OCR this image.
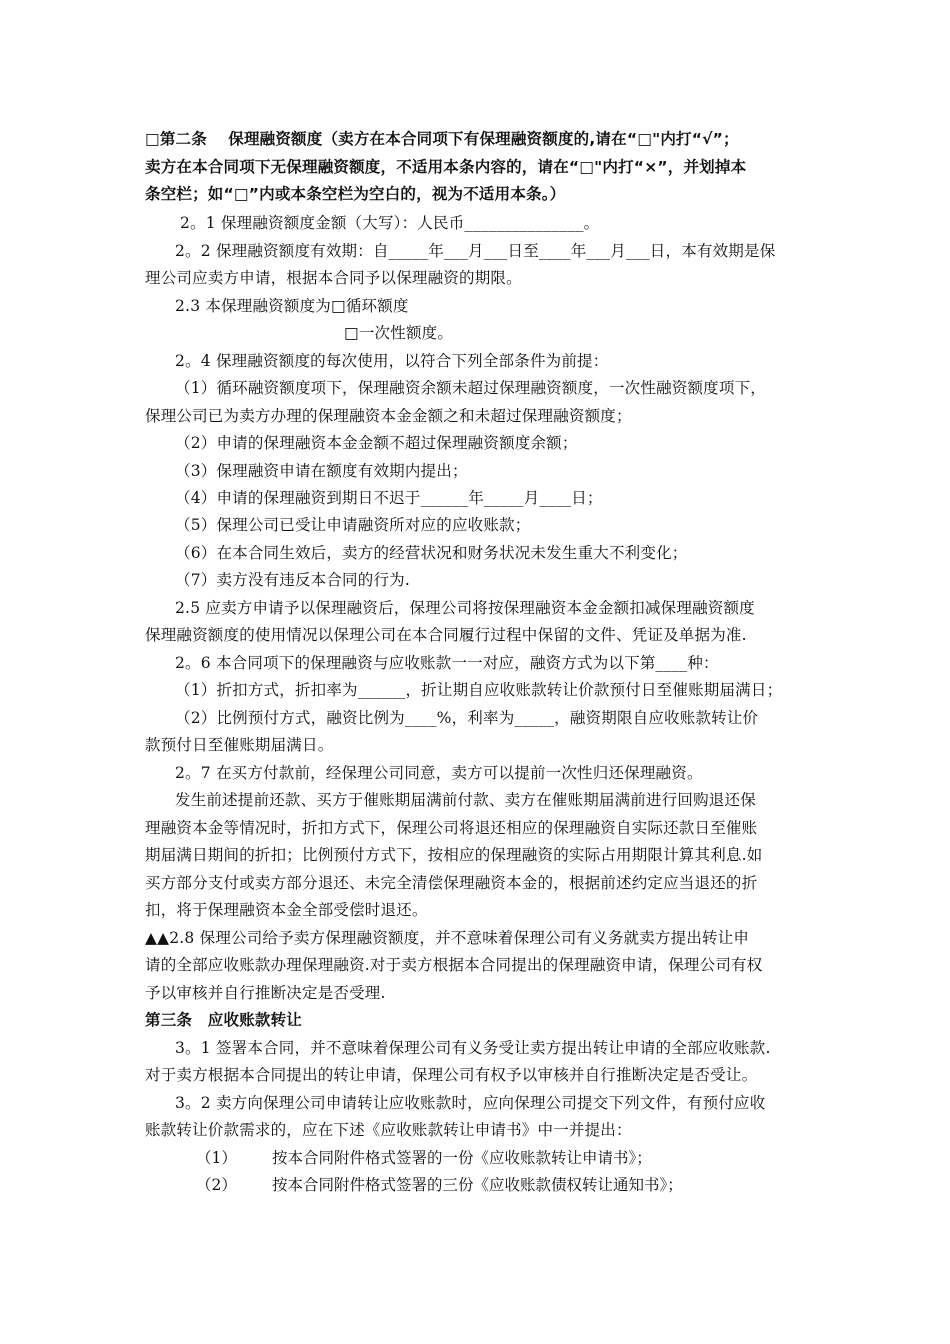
□第二条　 保理融资额度（卖方在本合同项下有保理融资额度的,请在“□"内打“√”；
卖方在本合同项下无保理融资额度，不适用本条内容的，请在“□"内打“×”，并划掉本
条空栏；如“□”内或本条空栏为空白的，视为不适用本条。）
2。1 保理融资额度金额（大写）：人民币_______________。
2。2 保理融资额度有效期：自_____年___月___日至____年___月___日，本有效期是保
理公司应卖方申请，根据本合同予以保理融资的期限。
2.3 本保理融资额度为□循环额度
□一次性额度。
2。4 保理融资额度的每次使用，以符合下列全部条件为前提：
（1）循环融资额度项下，保理融资余额未超过保理融资额度，一次性融资额度项下，
保理公司已为卖方办理的保理融资本金金额之和未超过保理融资额度；
（2）申请的保理融资本金金额不超过保理融资额度余额；
（3）保理融资申请在额度有效期内提出；
（4）申请的保理融资到期日不迟于______年_____月____日；
（5）保理公司已受让申请融资所对应的应收账款；
（6）在本合同生效后，卖方的经营状况和财务状况未发生重大不利变化；
（7）卖方没有违反本合同的行为.
2.5 应卖方申请予以保理融资后，保理公司将按保理融资本金金额扣减保理融资额度
保理融资额度的使用情况以保理公司在本合同履行过程中保留的文件、凭证及单据为准.
2。6 本合同项下的保理融资与应收账款一一对应，融资方式为以下第____种：
（1）折扣方式，折扣率为______，折让期自应收账款转让价款预付日至催账期届满日；
（2）比例预付方式，融资比例为____%，利率为_____，融资期限自应收账款转让价
款预付日至催账期届满日。
2。7 在买方付款前，经保理公司同意，卖方可以提前一次性归还保理融资。
发生前述提前还款、买方于催账期届满前付款、卖方在催账期届满前进行回购退还保
理融资本金等情况时，折扣方式下，保理公司将退还相应的保理融资自实际还款日至催账
期届满日期间的折扣；比例预付方式下，按相应的保理融资的实际占用期限计算其利息.如
买方部分支付或卖方部分退还、未完全清偿保理融资本金的，根据前述约定应当退还的折
扣，将于保理融资本金全部受偿时退还。
▲▲2.8 保理公司给予卖方保理融资额度，并不意味着保理公司有义务就卖方提出转让申
请的全部应收账款办理保理融资.对于卖方根据本合同提出的保理融资申请，保理公司有权
予以审核并自行推断决定是否受理.
第三条　应收账款转让
3。1 签署本合同，并不意味着保理公司有义务受让卖方提出转让申请的全部应收账款.
对于卖方根据本合同提出的转让申请，保理公司有权予以审核并自行推断决定是否受让。
3。2 卖方向保理公司申请转让应收账款时，应向保理公司提交下列文件，有预付应收
账款转让价款需求的，应在下述《应收账款转让申请书》中一并提出：
（1） 按本合同附件格式签署的一份《应收账款转让申请书》；
（2） 按本合同附件格式签署的三份《应收账款债权转让通知书》；
